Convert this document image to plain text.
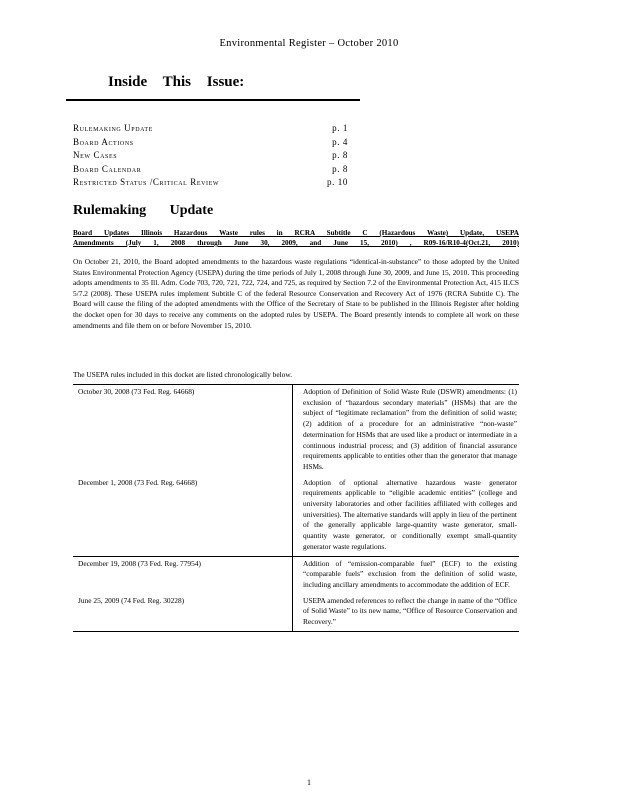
Environmental Register – October 2010
Inside This Issue:
Rulemaking Update	p. 1
Board Actions	p. 4
New Cases	p. 8
Board Calendar	p. 8
Restricted Status /Critical Review	p. 10
Rulemaking Update
Board Updates Illinois Hazardous Waste rules in RCRA Subtitle C (Hazardous Waste) Update, USEPA
Amendments (July 1, 2008 through June 30, 2009, and June 15, 2010) , R09-16/R10-4(Oct.21, 2010)
On October 21, 2010, the Board adopted amendments to the hazardous waste regulations “identical-in-substance” to those adopted by the United States Environmental Protection Agency (USEPA) during the time periods of July 1, 2008 through June 30, 2009, and June 15, 2010. This proceeding adopts amendments to 35 Ill. Adm. Code 703, 720, 721, 722, 724, and 725, as required by Section 7.2 of the Environmental Protection Act, 415 ILCS 5/7.2 (2008). These USEPA rules implement Subtitle C of the federal Resource Conservation and Recovery Act of 1976 (RCRA Subtitle C). The Board will cause the filing of the adopted amendments with the Office of the Secretary of State to be published in the Illinois Register after holding the docket open for 30 days to receive any comments on the adopted rules by USEPA. The Board presently intends to complete all work on these amendments and file them on or before November 15, 2010.
The USEPA rules included in this docket are listed chronologically below.
October 30, 2008 (73 Fed. Reg. 64668)	Adoption of Definition of Solid Waste Rule (DSWR) amendments: (1) exclusion of “hazardous secondary materials” (HSMs) that are the subject of “legitimate reclamation” from the definition of solid waste; (2) addition of a procedure for an administrative “non-waste” determination for HSMs that are used like a product or intermediate in a continuous industrial process; and (3) addition of financial assurance requirements applicable to entities other than the generator that manage HSMs.
December 1, 2008 (73 Fed. Reg. 64668)	Adoption of optional alternative hazardous waste generator requirements applicable to “eligible academic entities” (college and university laboratories and other facilities affiliated with colleges and universities). The alternative standards will apply in lieu of the pertinent of the generally applicable large-quantity waste generator, small-quantity waste generator, or conditionally exempt small-quantity generator waste regulations.
December 19, 2008 (73 Fed. Reg. 77954)	Addition of “emission-comparable fuel” (ECF) to the existing “comparable fuels” exclusion from the definition of solid waste, including ancillary amendments to accommodate the addition of ECF.
June 25, 2009 (74 Fed. Reg. 30228)	USEPA amended references to reflect the change in name of the “Office of Solid Waste” to its new name, “Office of Resource Conservation and Recovery.”
1
